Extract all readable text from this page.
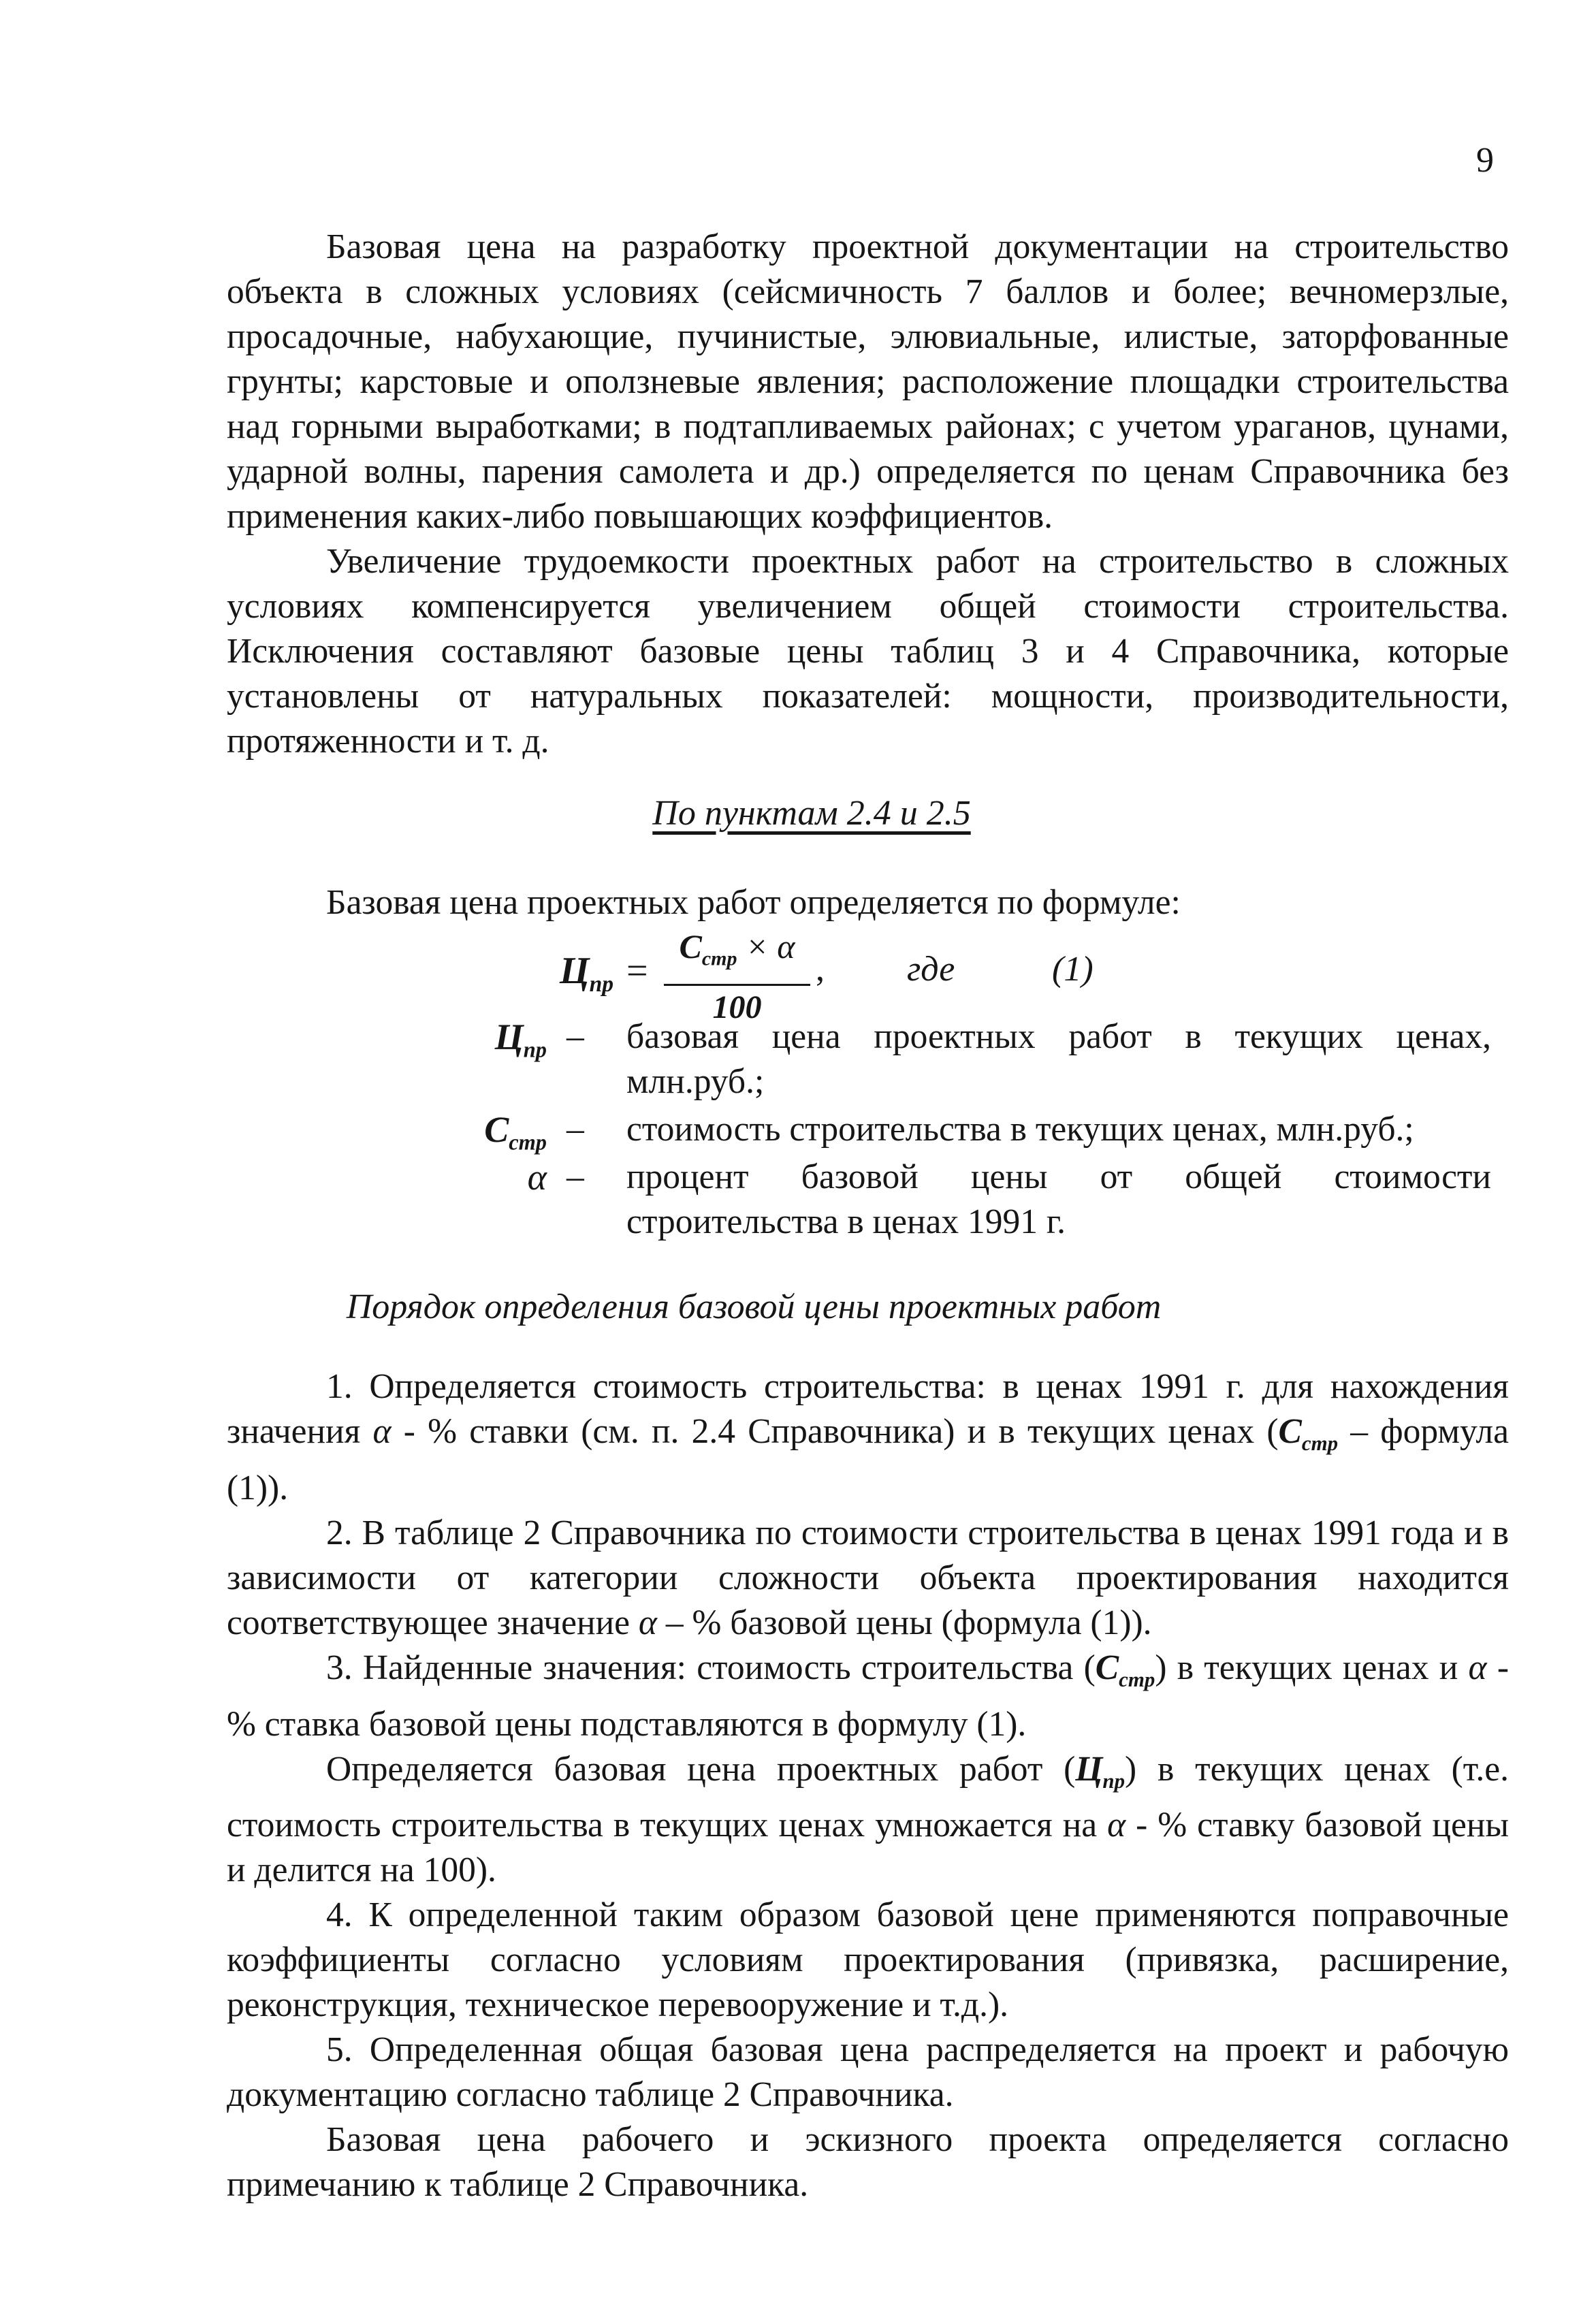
9

Базовая цена на разработку проектной документации на строительство объекта в сложных условиях (сейсмичность 7 баллов и более; вечномерзлые, просадочные, набухающие, пучинистые, элювиальные, илистые, заторфованные грунты; карстовые и оползневые явления; расположение площадки строительства над горными выработками; в подтапливаемых районах; с учетом ураганов, цунами, ударной волны, парения самолета и др.) определяется по ценам Справочника без применения каких-либо повышающих коэффициентов.

Увеличение трудоемкости проектных работ на строительство в сложных условиях компенсируется увеличением общей стоимости строительства. Исключения составляют базовые цены таблиц 3 и 4 Справочника, которые установлены от натуральных показателей: мощности, производительности, протяженности и т. д.

По пунктам 2.4 и 2.5
Базовая цена проектных работ определяется по формуле:
$Ц_{пр}$ =
$С_{стр} \times \alpha$
100
, где	(1)
$Ц_{пр}$ – базовая цена проектных работ в текущих ценах, млн.руб.;
$С_{стр}$ – стоимость строительства в текущих ценах, млн.руб.;
α – процент базовой цены от общей стоимости строительства в ценах 1991 г.
Порядок определения базовой цены проектных работ

1. Определяется стоимость строительства: в ценах 1991 г. для нахождения значения α - % ставки (см. п. 2.4 Справочника) и в текущих ценах ($С_{стр}$ – формула (1)).

2. В таблице 2 Справочника по стоимости строительства в ценах 1991 года и в зависимости от категории сложности объекта проектирования находится соответствующее значение α – % базовой цены (формула (1)).

3. Найденные значения: стоимость строительства $(С_{стр})$ в текущих ценах и α - % ставка базовой цены подставляются в формулу (1).

Определяется базовая цена проектных работ $(Ц_{пр})$ в текущих ценах (т.е. стоимость строительства в текущих ценах умножается на α - % ставку базовой цены и делится на 100).

4. К определенной таким образом базовой цене применяются поправочные коэффициенты согласно условиям проектирования (привязка, расширение, реконструкция, техническое перевооружение и т.д.).

5. Определенная общая базовая цена распределяется на проект и рабочую документацию согласно таблице 2 Справочника.

Базовая цена рабочего и эскизного проекта определяется согласно примечанию к таблице 2 Справочника.
